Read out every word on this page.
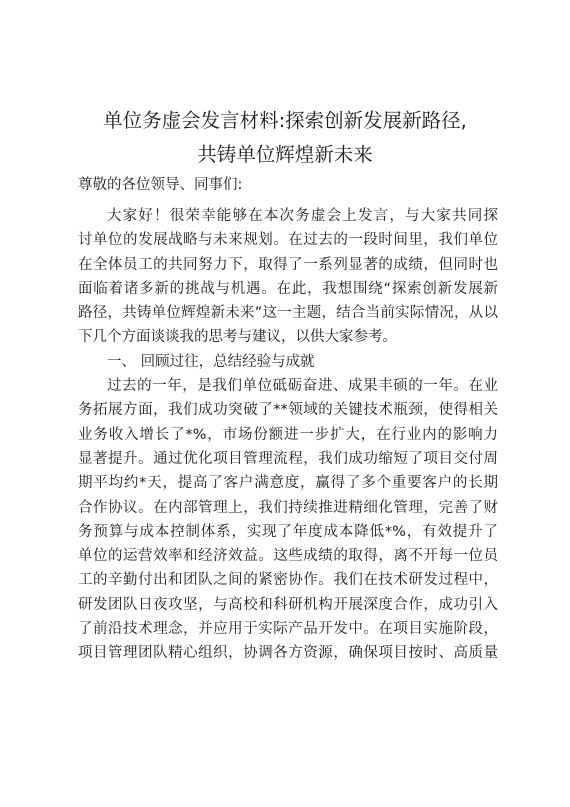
单位务虚会发言材料:探索创新发展新路径,
共铸单位辉煌新未来

尊敬的各位领导、同事们:

大家好！很荣幸能够在本次务虚会上发言，与大家共同探
讨单位的发展战略与未来规划。在过去的一段时间里，我们单位
在全体员工的共同努力下，取得了一系列显著的成绩，但同时也
面临着诸多新的挑战与机遇。在此，我想围绕“探索创新发展新
路径，共铸单位辉煌新未来”这一主题，结合当前实际情况，从以
下几个方面谈谈我的思考与建议，以供大家参考。
一、 回顾过往，总结经验与成就
过去的一年，是我们单位砥砺奋进、成果丰硕的一年。在业
务拓展方面，我们成功突破了**领域的关键技术瓶颈，使得相关
业务收入增长了*%，市场份额进一步扩大，在行业内的影响力
显著提升。通过优化项目管理流程，我们成功缩短了项目交付周
期平均约*天，提高了客户满意度，赢得了多个重要客户的长期
合作协议。在内部管理上，我们持续推进精细化管理，完善了财
务预算与成本控制体系，实现了年度成本降低*%，有效提升了
单位的运营效率和经济效益。这些成绩的取得，离不开每一位员
工的辛勤付出和团队之间的紧密协作。我们在技术研发过程中，
研发团队日夜攻坚，与高校和科研机构开展深度合作，成功引入
了前沿技术理念，并应用于实际产品开发中。在项目实施阶段，
项目管理团队精心组织，协调各方资源，确保项目按时、高质量
